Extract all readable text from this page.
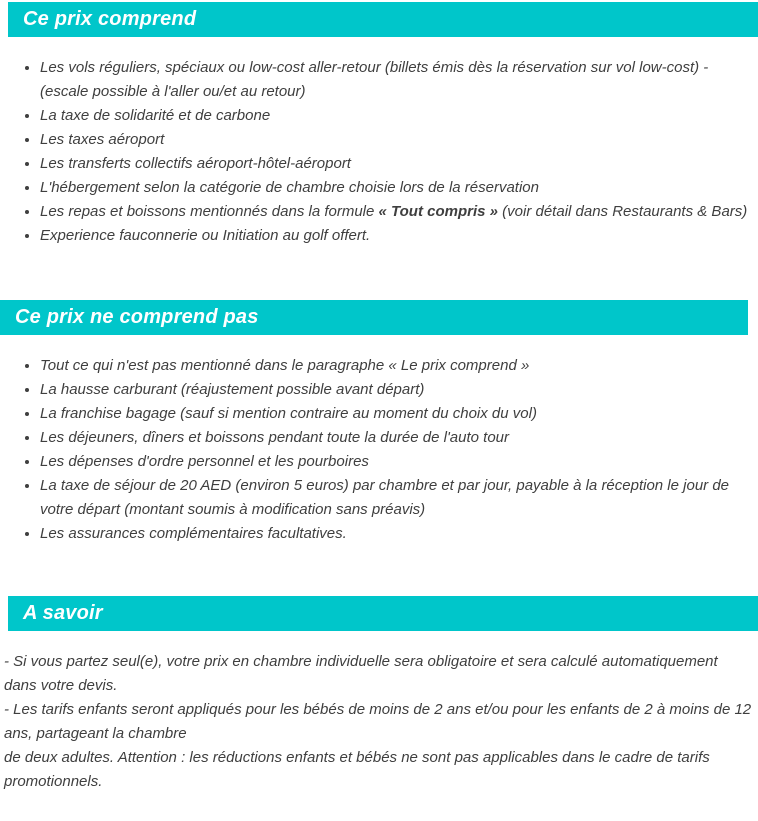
Ce prix comprend
• Les vols réguliers, spéciaux ou low-cost aller-retour (billets émis dès la réservation sur vol low-cost) - (escale possible à l'aller ou/et au retour)
• La taxe de solidarité et de carbone
• Les taxes aéroport
• Les transferts collectifs aéroport-hôtel-aéroport
• L'hébergement selon la catégorie de chambre choisie lors de la réservation
• Les repas et boissons mentionnés dans la formule « Tout compris » (voir détail dans Restaurants & Bars)
• Experience fauconnerie ou Initiation au golf offert.
Ce prix ne comprend pas
• Tout ce qui n'est pas mentionné dans le paragraphe « Le prix comprend »
• La hausse carburant (réajustement possible avant départ)
• La franchise bagage (sauf si mention contraire au moment du choix du vol)
• Les déjeuners, dîners et boissons pendant toute la durée de l'auto tour
• Les dépenses d'ordre personnel et les pourboires
• La taxe de séjour de 20 AED (environ 5 euros) par chambre et par jour, payable à la réception le jour de votre départ (montant soumis à modification sans préavis)
• Les assurances complémentaires facultatives.
A savoir

- Si vous partez seul(e), votre prix en chambre individuelle sera obligatoire et sera calculé automatiquement dans votre devis.

- Les tarifs enfants seront appliqués pour les bébés de moins de 2 ans et/ou pour les enfants de 2 à moins de 12 ans, partageant la chambre

de deux adultes. Attention : les réductions enfants et bébés ne sont pas applicables dans le cadre de tarifs promotionnels.
